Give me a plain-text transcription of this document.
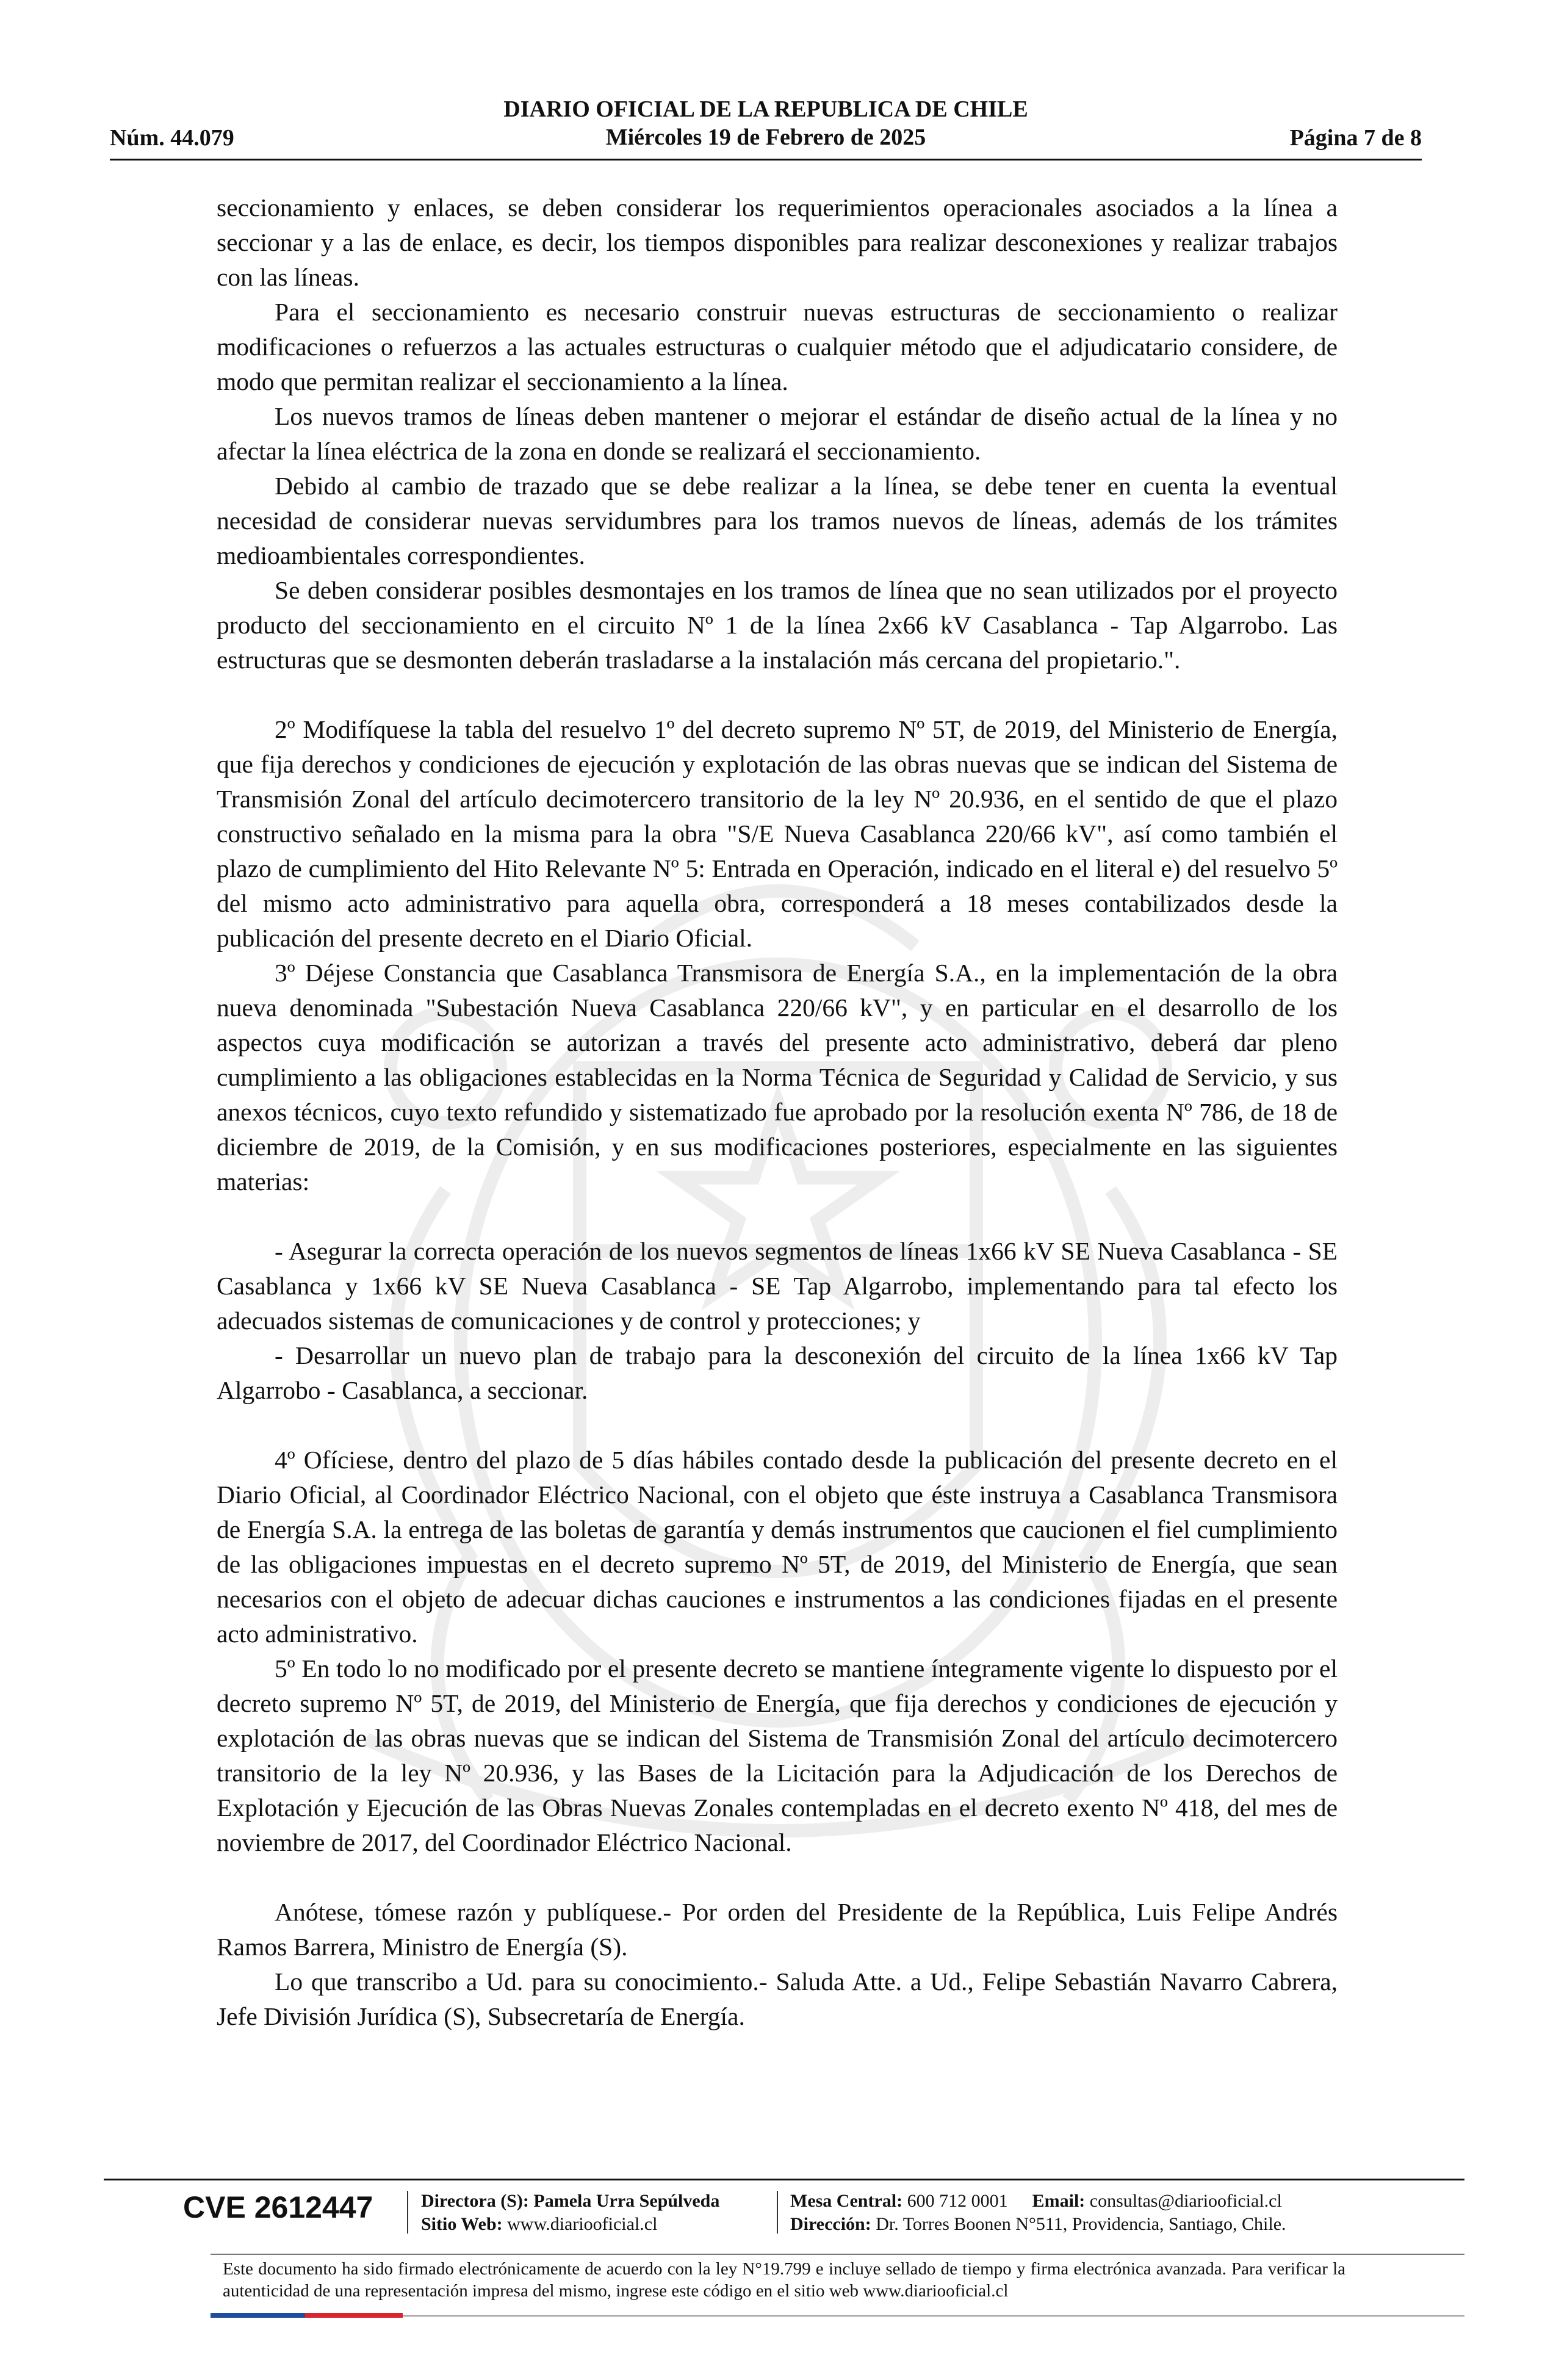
DIARIO OFICIAL DE LA REPUBLICA DE CHILE
Miércoles 19 de Febrero de 2025
Núm. 44.079	Página 7 de 8

seccionamiento y enlaces, se deben considerar los requerimientos operacionales asociados a la línea a seccionar y a las de enlace, es decir, los tiempos disponibles para realizar desconexiones y realizar trabajos con las líneas.

Para el seccionamiento es necesario construir nuevas estructuras de seccionamiento o realizar modificaciones o refuerzos a las actuales estructuras o cualquier método que el adjudicatario considere, de modo que permitan realizar el seccionamiento a la línea.

Los nuevos tramos de líneas deben mantener o mejorar el estándar de diseño actual de la línea y no afectar la línea eléctrica de la zona en donde se realizará el seccionamiento.

Debido al cambio de trazado que se debe realizar a la línea, se debe tener en cuenta la eventual necesidad de considerar nuevas servidumbres para los tramos nuevos de líneas, además de los trámites medioambientales correspondientes.

Se deben considerar posibles desmontajes en los tramos de línea que no sean utilizados por el proyecto producto del seccionamiento en el circuito Nº 1 de la línea 2x66 kV Casablanca - Tap Algarrobo. Las estructuras que se desmonten deberán trasladarse a la instalación más cercana del propietario.".

2º Modifíquese la tabla del resuelvo 1º del decreto supremo Nº 5T, de 2019, del Ministerio de Energía, que fija derechos y condiciones de ejecución y explotación de las obras nuevas que se indican del Sistema de Transmisión Zonal del artículo decimotercero transitorio de la ley Nº 20.936, en el sentido de que el plazo constructivo señalado en la misma para la obra "S/E Nueva Casablanca 220/66 kV", así como también el plazo de cumplimiento del Hito Relevante Nº 5: Entrada en Operación, indicado en el literal e) del resuelvo 5º del mismo acto administrativo para aquella obra, corresponderá a 18 meses contabilizados desde la publicación del presente decreto en el Diario Oficial.

3º Déjese Constancia que Casablanca Transmisora de Energía S.A., en la implementación de la obra nueva denominada "Subestación Nueva Casablanca 220/66 kV", y en particular en el desarrollo de los aspectos cuya modificación se autorizan a través del presente acto administrativo, deberá dar pleno cumplimiento a las obligaciones establecidas en la Norma Técnica de Seguridad y Calidad de Servicio, y sus anexos técnicos, cuyo texto refundido y sistematizado fue aprobado por la resolución exenta Nº 786, de 18 de diciembre de 2019, de la Comisión, y en sus modificaciones posteriores, especialmente en las siguientes materias:

- Asegurar la correcta operación de los nuevos segmentos de líneas 1x66 kV SE Nueva Casablanca - SE Casablanca y 1x66 kV SE Nueva Casablanca - SE Tap Algarrobo, implementando para tal efecto los adecuados sistemas de comunicaciones y de control y protecciones; y

- Desarrollar un nuevo plan de trabajo para la desconexión del circuito de la línea 1x66 kV Tap Algarrobo - Casablanca, a seccionar.

4º Ofíciese, dentro del plazo de 5 días hábiles contado desde la publicación del presente decreto en el Diario Oficial, al Coordinador Eléctrico Nacional, con el objeto que éste instruya a Casablanca Transmisora de Energía S.A. la entrega de las boletas de garantía y demás instrumentos que caucionen el fiel cumplimiento de las obligaciones impuestas en el decreto supremo Nº 5T, de 2019, del Ministerio de Energía, que sean necesarios con el objeto de adecuar dichas cauciones e instrumentos a las condiciones fijadas en el presente acto administrativo.

5º En todo lo no modificado por el presente decreto se mantiene íntegramente vigente lo dispuesto por el decreto supremo Nº 5T, de 2019, del Ministerio de Energía, que fija derechos y condiciones de ejecución y explotación de las obras nuevas que se indican del Sistema de Transmisión Zonal del artículo decimotercero transitorio de la ley Nº 20.936, y las Bases de la Licitación para la Adjudicación de los Derechos de Explotación y Ejecución de las Obras Nuevas Zonales contempladas en el decreto exento Nº 418, del mes de noviembre de 2017, del Coordinador Eléctrico Nacional.

Anótese, tómese razón y publíquese.- Por orden del Presidente de la República, Luis Felipe Andrés Ramos Barrera, Ministro de Energía (S).

Lo que transcribo a Ud. para su conocimiento.- Saluda Atte. a Ud., Felipe Sebastián Navarro Cabrera, Jefe División Jurídica (S), Subsecretaría de Energía.

CVE 2612447	Directora (S): Pamela Urra Sepúlveda
Sitio Web: www.diariooficial.cl
Mesa Central: 600 712 0001 Email: consultas@diariooficial.cl
Dirección: Dr. Torres Boonen N°511, Providencia, Santiago, Chile.
Este documento ha sido firmado electrónicamente de acuerdo con la ley N°19.799 e incluye sellado de tiempo y firma electrónica avanzada. Para verificar la autenticidad de una representación impresa del mismo, ingrese este código en el sitio web www.diariooficial.cl
